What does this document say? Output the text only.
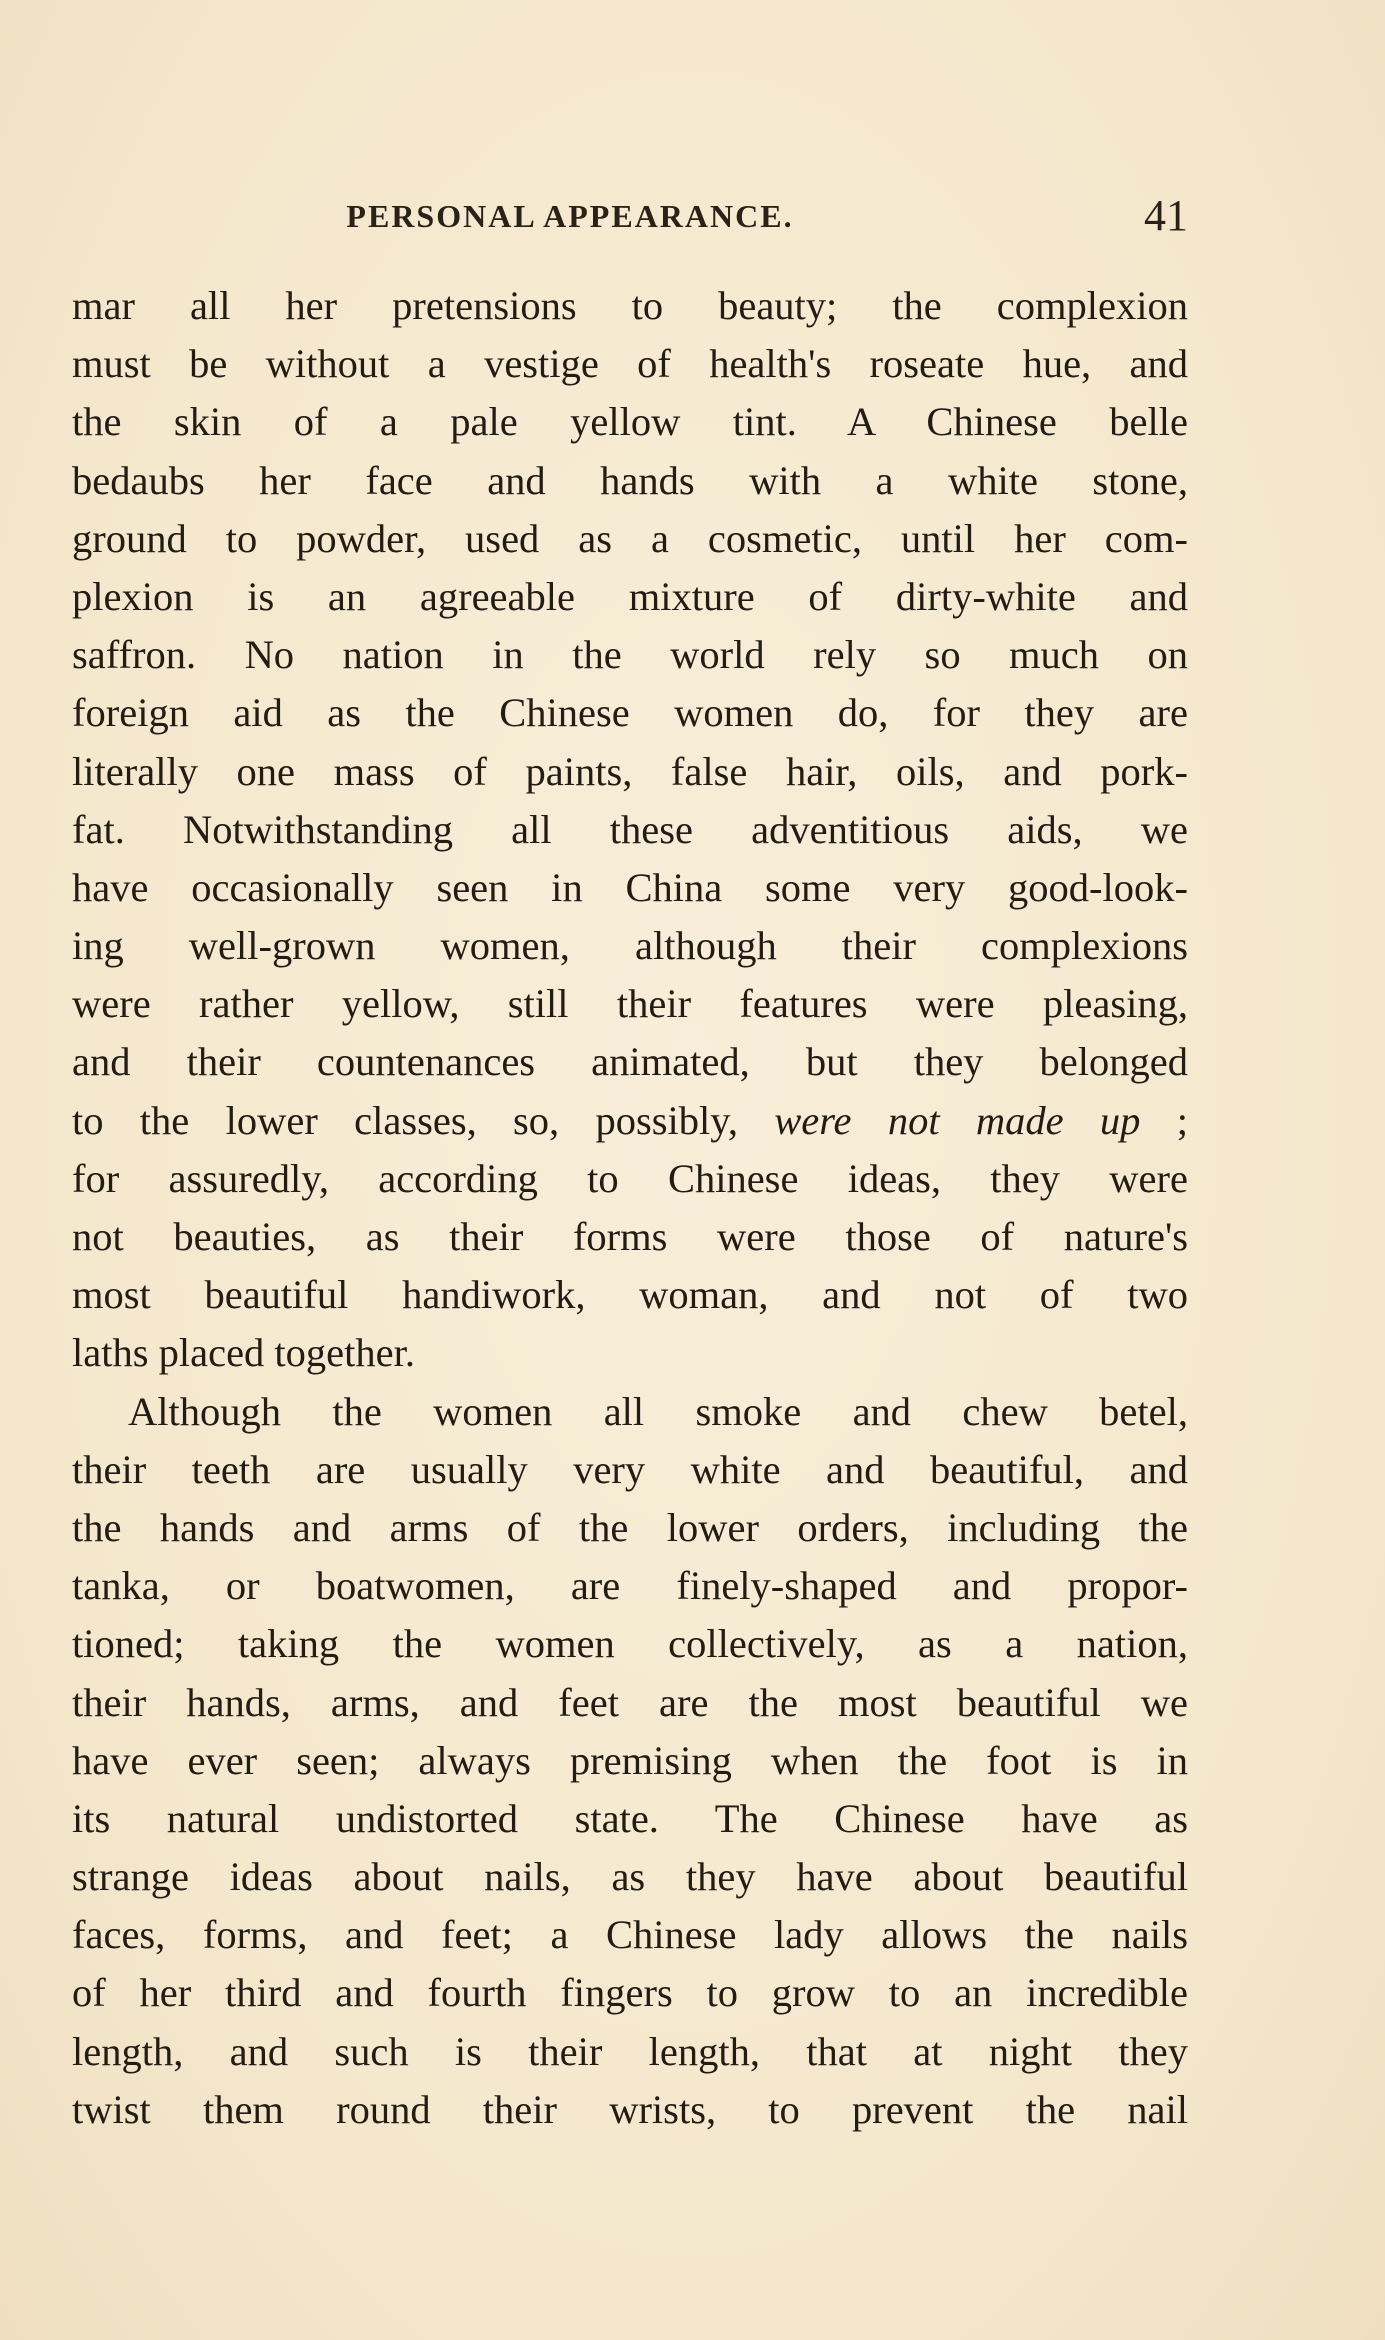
PERSONAL APPEARANCE.	41
mar all her pretensions to beauty; the complexion
must be without a vestige of health's roseate hue, and
the skin of a pale yellow tint. A Chinese belle
bedaubs her face and hands with a white stone,
ground to powder, used as a cosmetic, until her com-
plexion is an agreeable mixture of dirty-white and
saffron. No nation in the world rely so much on
foreign aid as the Chinese women do, for they are
literally one mass of paints, false hair, oils, and pork-
fat. Notwithstanding all these adventitious aids, we
have occasionally seen in China some very good-look-
ing well-grown women, although their complexions
were rather yellow, still their features were pleasing,
and their countenances animated, but they belonged
to the lower classes, so, possibly, were not made up ;
for assuredly, according to Chinese ideas, they were
not beauties, as their forms were those of nature's
most beautiful handiwork, woman, and not of two
laths placed together.
Although the women all smoke and chew betel,
their teeth are usually very white and beautiful, and
the hands and arms of the lower orders, including the
tanka, or boatwomen, are finely-shaped and propor-
tioned; taking the women collectively, as a nation,
their hands, arms, and feet are the most beautiful we
have ever seen; always premising when the foot is in
its natural undistorted state. The Chinese have as
strange ideas about nails, as they have about beautiful
faces, forms, and feet; a Chinese lady allows the nails
of her third and fourth fingers to grow to an incredible
length, and such is their length, that at night they
twist them round their wrists, to prevent the nail
